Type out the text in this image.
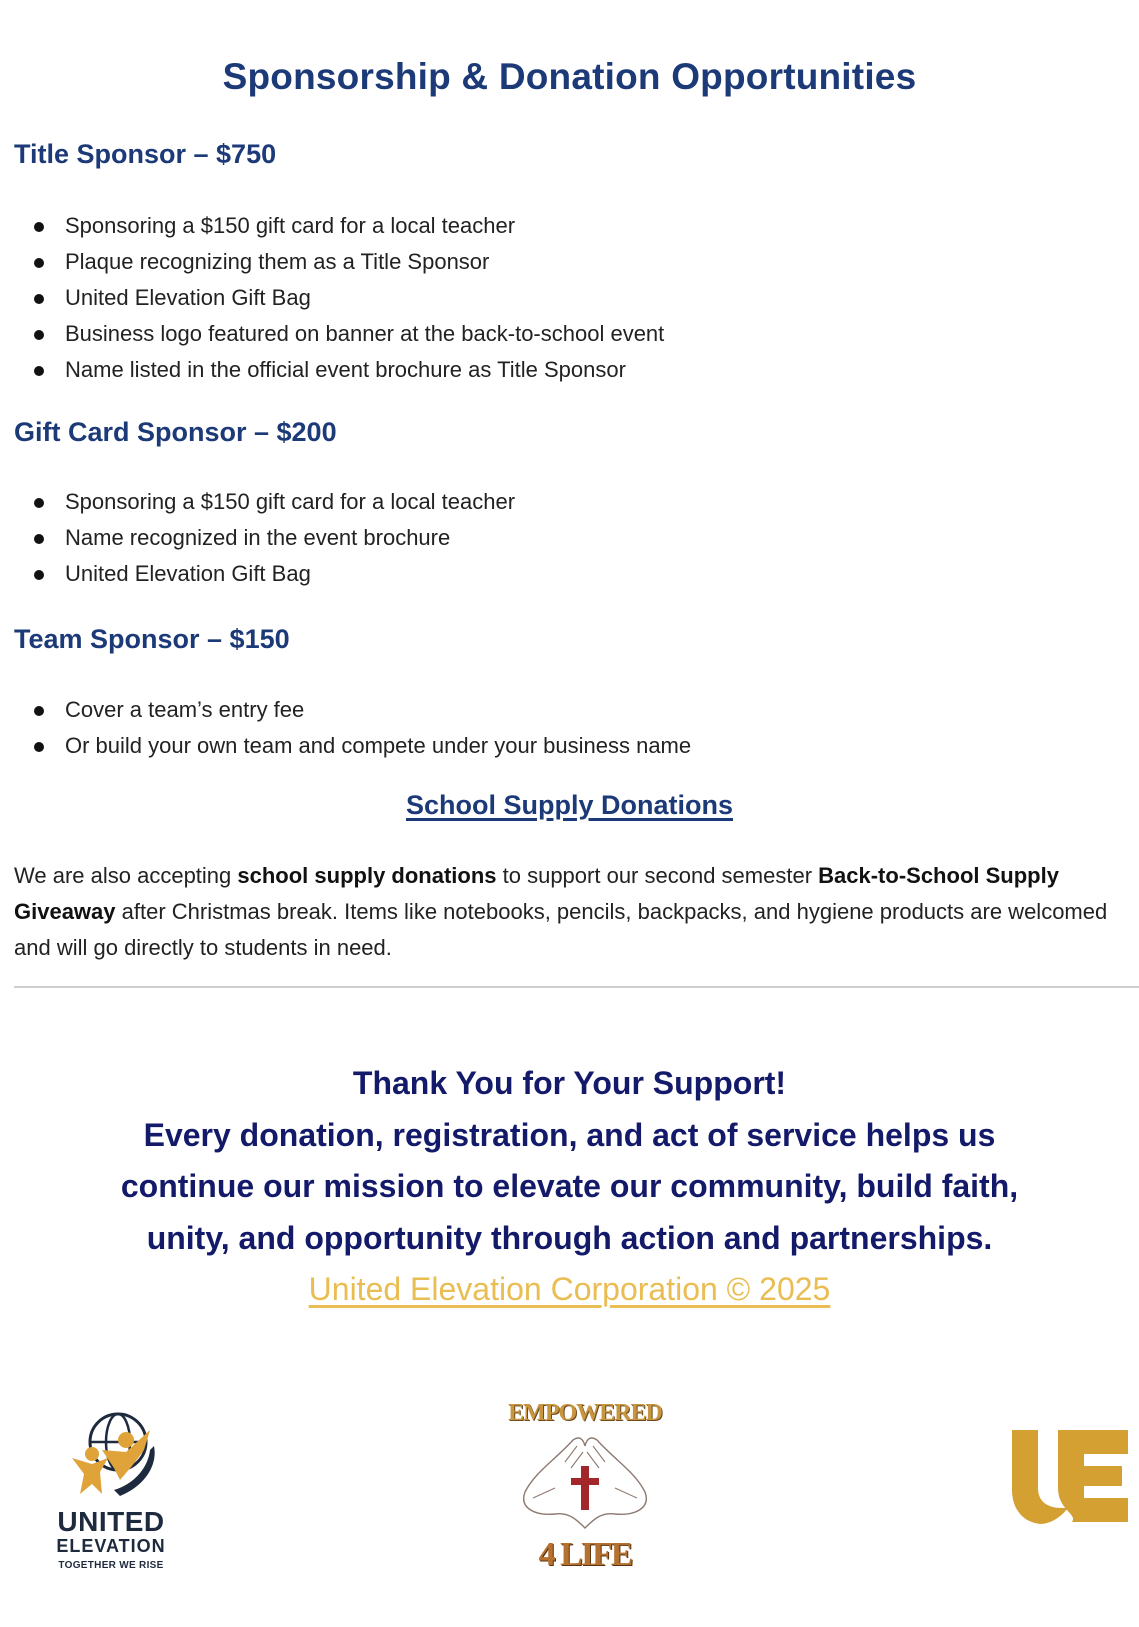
Sponsorship & Donation Opportunities
Title Sponsor – $750
Sponsoring a $150 gift card for a local teacher
Plaque recognizing them as a Title Sponsor
United Elevation Gift Bag
Business logo featured on banner at the back-to-school event
Name listed in the official event brochure as Title Sponsor
Gift Card Sponsor – $200
Sponsoring a $150 gift card for a local teacher
Name recognized in the event brochure
United Elevation Gift Bag
Team Sponsor – $150
Cover a team’s entry fee
Or build your own team and compete under your business name
School Supply Donations
We are also accepting school supply donations to support our second semester Back-to-School Supply Giveaway after Christmas break. Items like notebooks, pencils, backpacks, and hygiene products are welcomed and will go directly to students in need.
Thank You for Your Support!
Every donation, registration, and act of service helps us
continue our mission to elevate our community, build faith,
unity, and opportunity through action and partnerships.
United Elevation Corporation © 2025
UNITED
ELEVATION
TOGETHER WE RISE
EMPOWERED
4 LIFE
